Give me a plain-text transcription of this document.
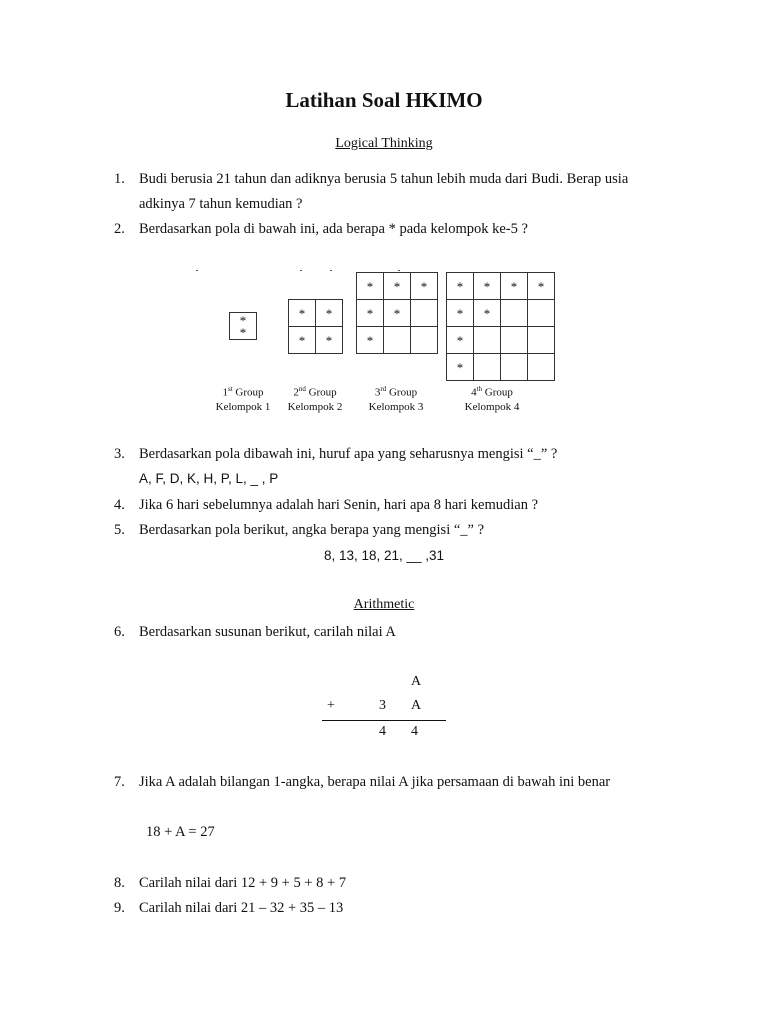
Latihan Soal HKIMO
Logical Thinking
1. Budi berusia 21 tahun dan adiknya berusia 5 tahun lebih muda dari Budi. Berap usia
adkinya 7 tahun kemudian ?
2. Berdasarkan pola di bawah ini, ada berapa * pada kelompok ke-5 ?
*
*
*	*
*	*
*	*	*
*	*	
*		
*	*	*	*
*	*		
*			
*			
1st Group
Kelompok 1
2nd Group
Kelompok 2
3rd Group
Kelompok 3
4th Group
Kelompok 4
3. Berdasarkan pola dibawah ini, huruf apa yang seharusnya mengisi “_” ?
A, F, D, K, H, P, L, _ , P
4. Jika 6 hari sebelumnya adalah hari Senin, hari apa 8 hari kemudian ?
5. Berdasarkan pola berikut, angka berapa yang mengisi “_” ?
8, 13, 18, 21, __ ,31
Arithmetic
6. Berdasarkan susunan berikut, carilah nilai A
A
+	3 A
4 4
7. Jika A adalah bilangan 1-angka, berapa nilai A jika persamaan di bawah ini benar
18 + A = 27
8. Carilah nilai dari 12 + 9 + 5 + 8 + 7
9. Carilah nilai dari 21 – 32 + 35 – 13
